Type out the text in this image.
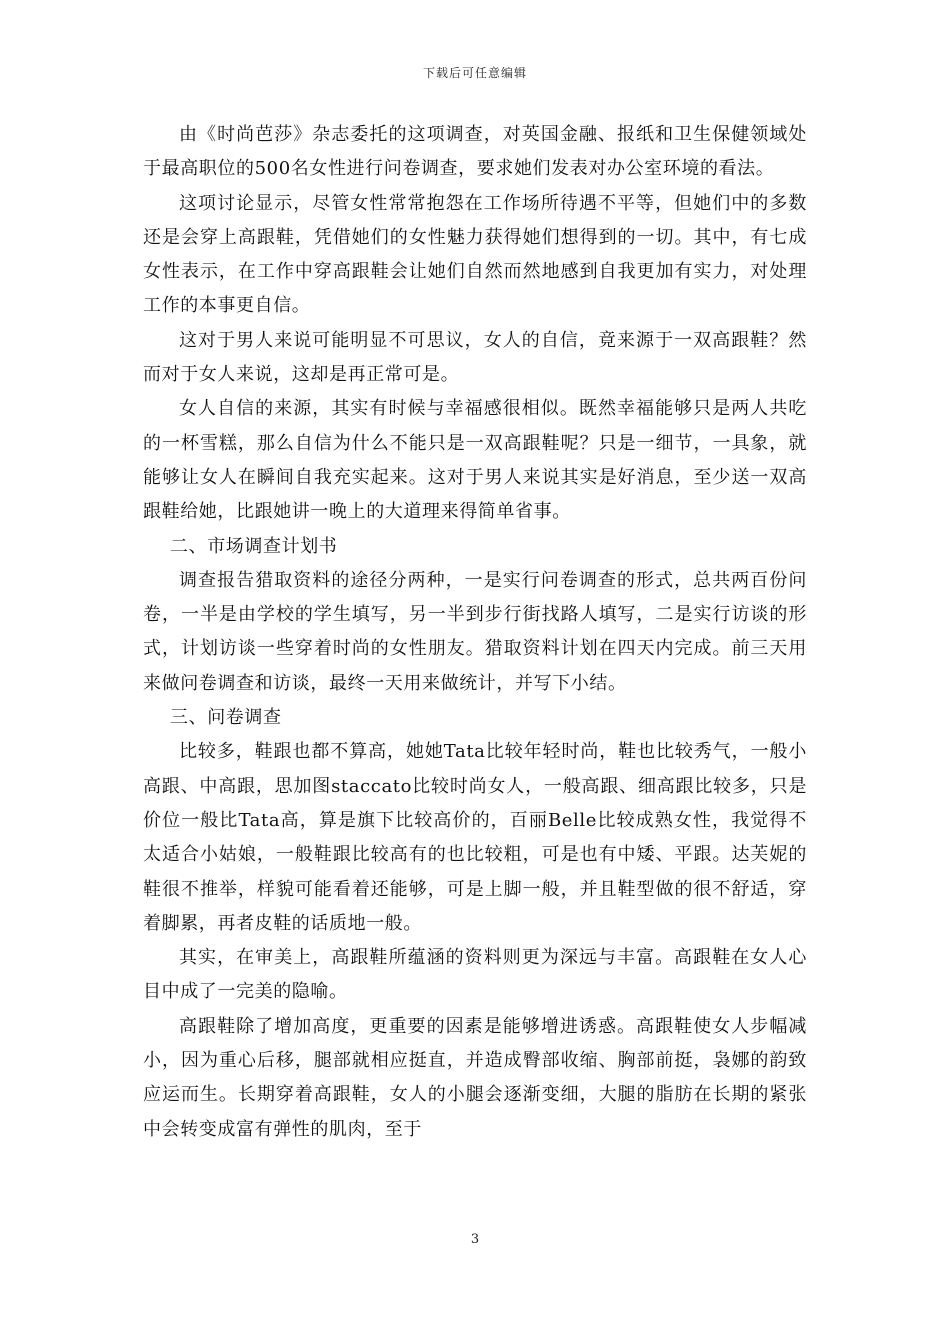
下载后可任意编辑

由《时尚芭莎》杂志委托的这项调查，对英国金融、报纸和卫生保健领域处于最高职位的500名女性进行问卷调查，要求她们发表对办公室环境的看法。

这项讨论显示，尽管女性常常抱怨在工作场所待遇不平等，但她们中的多数还是会穿上高跟鞋，凭借她们的女性魅力获得她们想得到的一切。其中，有七成女性表示，在工作中穿高跟鞋会让她们自然而然地感到自我更加有实力，对处理工作的本事更自信。

这对于男人来说可能明显不可思议，女人的自信，竟来源于一双高跟鞋？然而对于女人来说，这却是再正常可是。

女人自信的来源，其实有时候与幸福感很相似。既然幸福能够只是两人共吃的一杯雪糕，那么自信为什么不能只是一双高跟鞋呢？只是一细节，一具象，就能够让女人在瞬间自我充实起来。这对于男人来说其实是好消息，至少送一双高跟鞋给她，比跟她讲一晚上的大道理来得简单省事。

二、市场调查计划书

调查报告猎取资料的途径分两种，一是实行问卷调查的形式，总共两百份问卷，一半是由学校的学生填写，另一半到步行街找路人填写，二是实行访谈的形式，计划访谈一些穿着时尚的女性朋友。猎取资料计划在四天内完成。前三天用来做问卷调查和访谈，最终一天用来做统计，并写下小结。

三、问卷调查

比较多，鞋跟也都不算高，她她Tata比较年轻时尚，鞋也比较秀气，一般小高跟、中高跟，思加图staccato比较时尚女人，一般高跟、细高跟比较多，只是价位一般比Tata高，算是旗下比较高价的，百丽Belle比较成熟女性，我觉得不太适合小姑娘，一般鞋跟比较高有的也比较粗，可是也有中矮、平跟。达芙妮的鞋很不推举，样貌可能看着还能够，可是上脚一般，并且鞋型做的很不舒适，穿着脚累，再者皮鞋的话质地一般。

其实，在审美上，高跟鞋所蕴涵的资料则更为深远与丰富。高跟鞋在女人心目中成了一完美的隐喻。

高跟鞋除了增加高度，更重要的因素是能够增进诱惑。高跟鞋使女人步幅减小，因为重心后移，腿部就相应挺直，并造成臀部收缩、胸部前挺，袅娜的韵致应运而生。长期穿着高跟鞋，女人的小腿会逐渐变细，大腿的脂肪在长期的紧张中会转变成富有弹性的肌肉，至于

3
